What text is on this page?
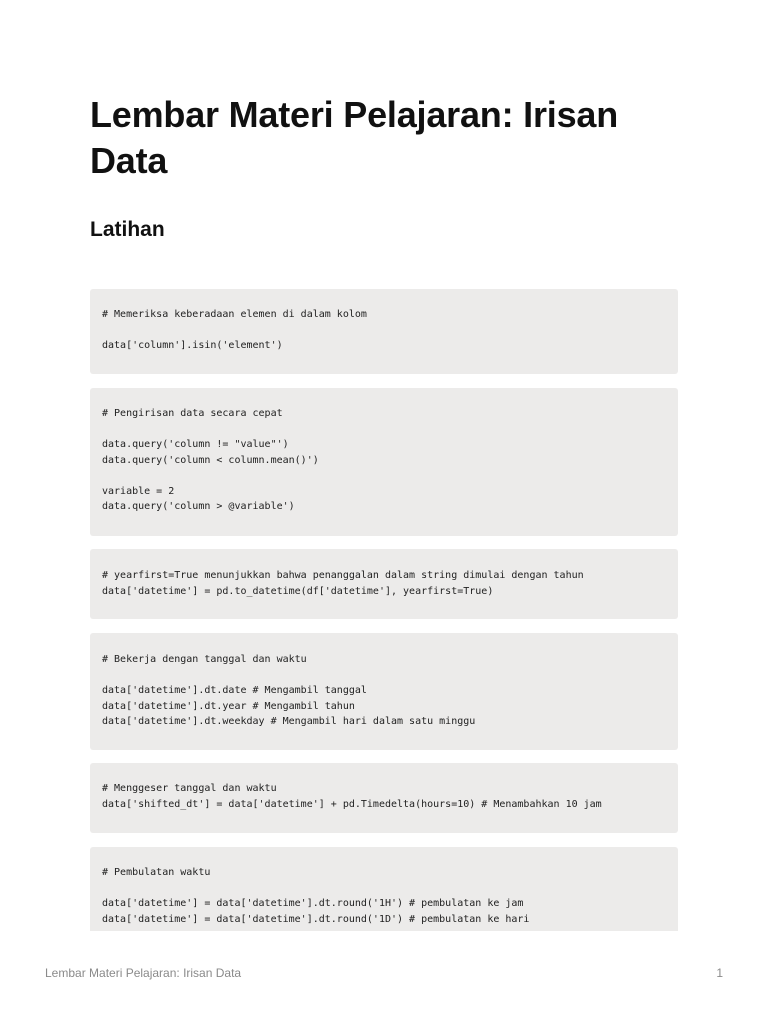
Lembar Materi Pelajaran: Irisan Data
Latihan
# Memeriksa keberadaan elemen di dalam kolom
data['column'].isin('element')
# Pengirisan data secara cepat
data.query('column != "value"')
data.query('column < column.mean()')
variable = 2
data.query('column > @variable')
# yearfirst=True menunjukkan bahwa penanggalan dalam string dimulai dengan tahun
data['datetime'] = pd.to_datetime(df['datetime'], yearfirst=True)
# Bekerja dengan tanggal dan waktu
data['datetime'].dt.date # Mengambil tanggal
data['datetime'].dt.year # Mengambil tahun
data['datetime'].dt.weekday # Mengambil hari dalam satu minggu
# Menggeser tanggal dan waktu
data['shifted_dt'] = data['datetime'] + pd.Timedelta(hours=10) # Menambahkan 10 jam
# Pembulatan waktu
data['datetime'] = data['datetime'].dt.round('1H') # pembulatan ke jam
data['datetime'] = data['datetime'].dt.round('1D') # pembulatan ke hari
Lembar Materi Pelajaran: Irisan Data	1
